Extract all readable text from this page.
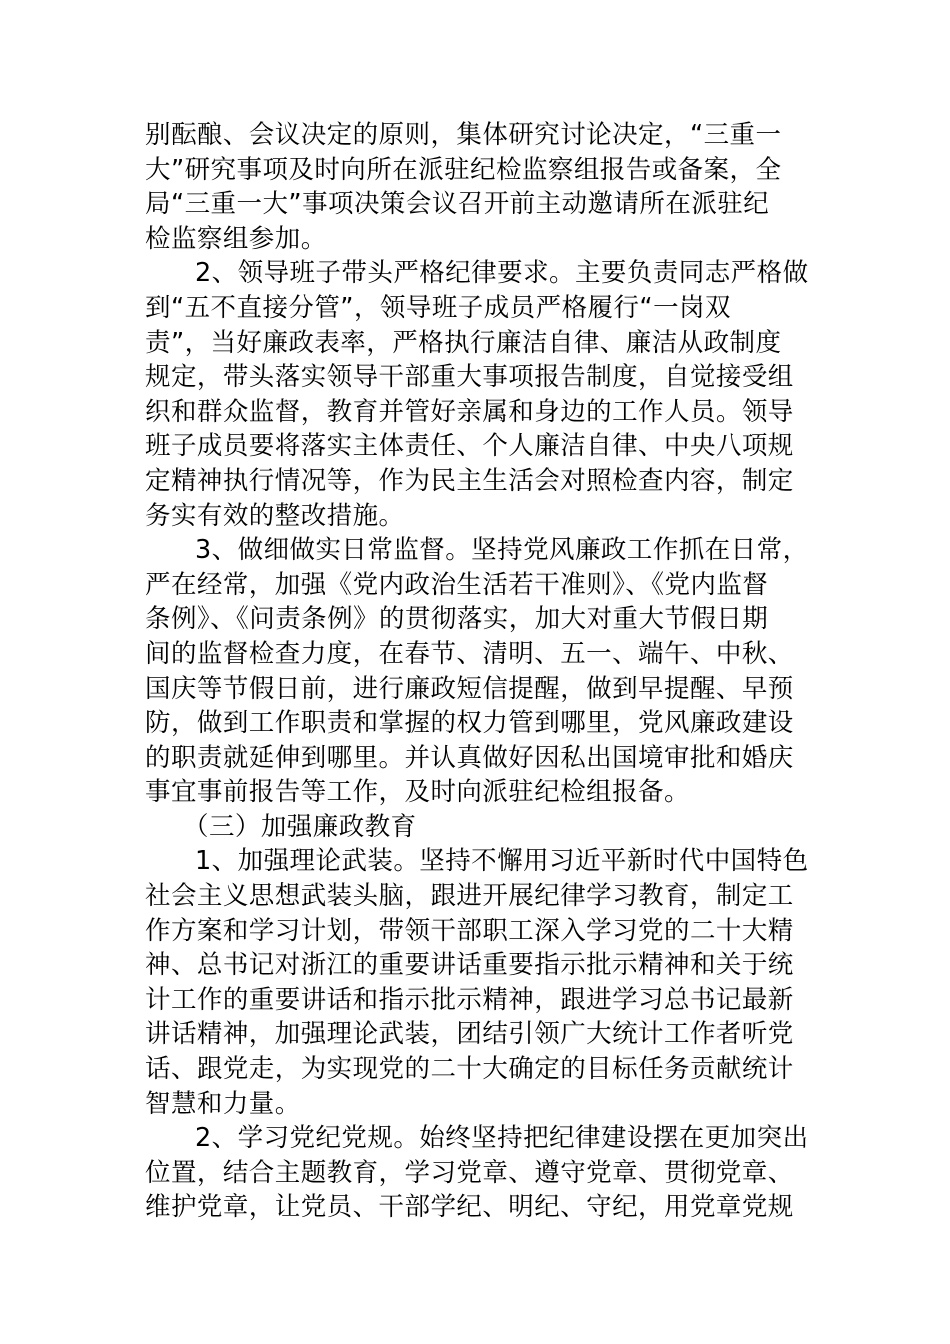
别酝酿、会议决定的原则，集体研究讨论决定，“三重一
大”研究事项及时向所在派驻纪检监察组报告或备案，全
局“三重一大”事项决策会议召开前主动邀请所在派驻纪
检监察组参加。
2、领导班子带头严格纪律要求。主要负责同志严格做
到“五不直接分管”，领导班子成员严格履行“一岗双
责”，当好廉政表率，严格执行廉洁自律、廉洁从政制度
规定，带头落实领导干部重大事项报告制度，自觉接受组
织和群众监督，教育并管好亲属和身边的工作人员。领导
班子成员要将落实主体责任、个人廉洁自律、中央八项规
定精神执行情况等，作为民主生活会对照检查内容，制定
务实有效的整改措施。
3、做细做实日常监督。坚持党风廉政工作抓在日常，
严在经常，加强《党内政治生活若干准则》、《党内监督
条例》、《问责条例》的贯彻落实，加大对重大节假日期
间的监督检查力度，在春节、清明、五一、端午、中秋、
国庆等节假日前，进行廉政短信提醒，做到早提醒、早预
防，做到工作职责和掌握的权力管到哪里，党风廉政建设
的职责就延伸到哪里。并认真做好因私出国境审批和婚庆
事宜事前报告等工作，及时向派驻纪检组报备。
（三）加强廉政教育
1、加强理论武装。坚持不懈用习近平新时代中国特色
社会主义思想武装头脑，跟进开展纪律学习教育，制定工
作方案和学习计划，带领干部职工深入学习党的二十大精
神、总书记对浙江的重要讲话重要指示批示精神和关于统
计工作的重要讲话和指示批示精神，跟进学习总书记最新
讲话精神，加强理论武装，团结引领广大统计工作者听党
话、跟党走，为实现党的二十大确定的目标任务贡献统计
智慧和力量。
2、学习党纪党规。始终坚持把纪律建设摆在更加突出
位置，结合主题教育，学习党章、遵守党章、贯彻党章、
维护党章，让党员、干部学纪、明纪、守纪，用党章党规
